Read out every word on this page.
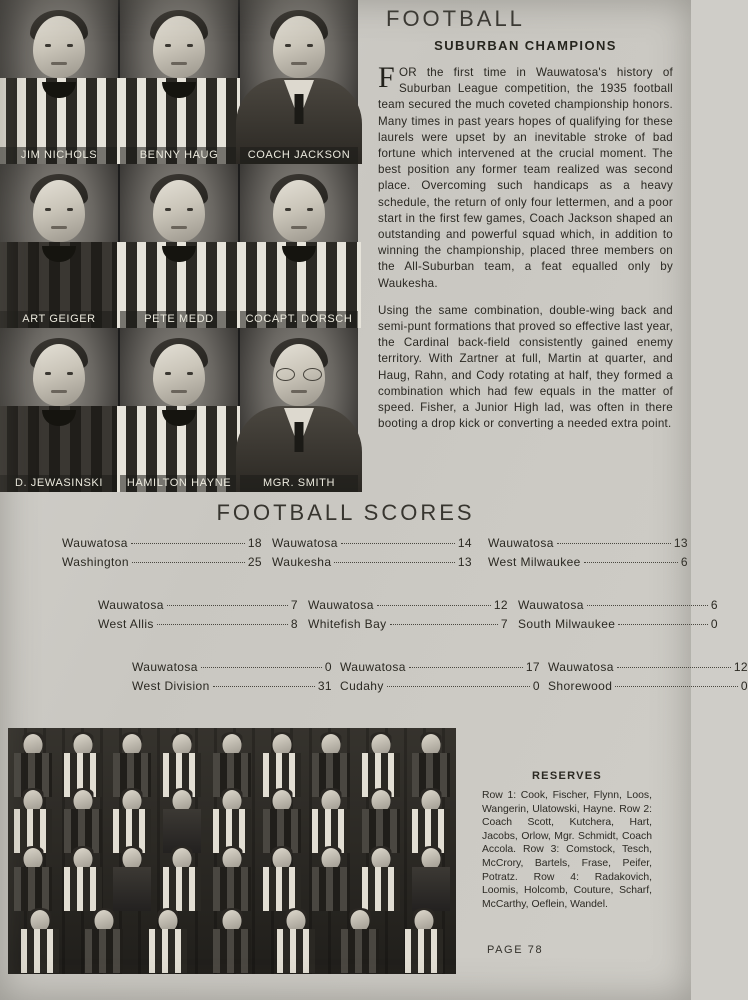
JIM NICHOLS	BENNY HAUG	COACH JACKSON
ART GEIGER	PETE MEDD	COCAPT. DORSCH
D. JEWASINSKI	HAMILTON HAYNE	MGR. SMITH
FOOTBALL
SUBURBAN CHAMPIONS

FOR the first time in Wauwatosa's history of Suburban League competition, the 1935 football team secured the much coveted championship honors. Many times in past years hopes of qualifying for these laurels were upset by an inevitable stroke of bad fortune which intervened at the crucial moment. The best position any former team realized was second place. Overcoming such handicaps as a heavy schedule, the return of only four lettermen, and a poor start in the first few games, Coach Jackson shaped an outstanding and powerful squad which, in addition to winning the championship, placed three members on the All-Suburban team, a feat equalled only by Waukesha.

Using the same combination, double-wing back and semi-punt formations that proved so effective last year, the Cardinal back-field consistently gained enemy territory. With Zartner at full, Martin at quarter, and Haug, Rahn, and Cody rotating at half, they formed a combination which had few equals in the matter of speed. Fisher, a Junior High lad, was often in there booting a drop kick or converting a needed extra point.

FOOTBALL SCORES
Wauwatosa	18
Washington	25
Wauwatosa	14
Waukesha	13
Wauwatosa	13
West Milwaukee	6
Wauwatosa	7
West Allis	8
Wauwatosa	12
Whitefish Bay	7
Wauwatosa	6
South Milwaukee	0
Wauwatosa	0
West Division	31
Wauwatosa	17
Cudahy	0
Wauwatosa	12
Shorewood	0
RESERVES
Row 1: Cook, Fischer, Flynn, Loos, Wangerin, Ulatowski, Hayne. Row 2: Coach Scott, Kutchera, Hart, Jacobs, Orlow, Mgr. Schmidt, Coach Accola. Row 3: Comstock, Tesch, McCrory, Bartels, Frase, Peifer, Potratz. Row 4: Radakovich, Loomis, Holcomb, Couture, Scharf, McCarthy, Oeflein, Wandel.
PAGE 78
